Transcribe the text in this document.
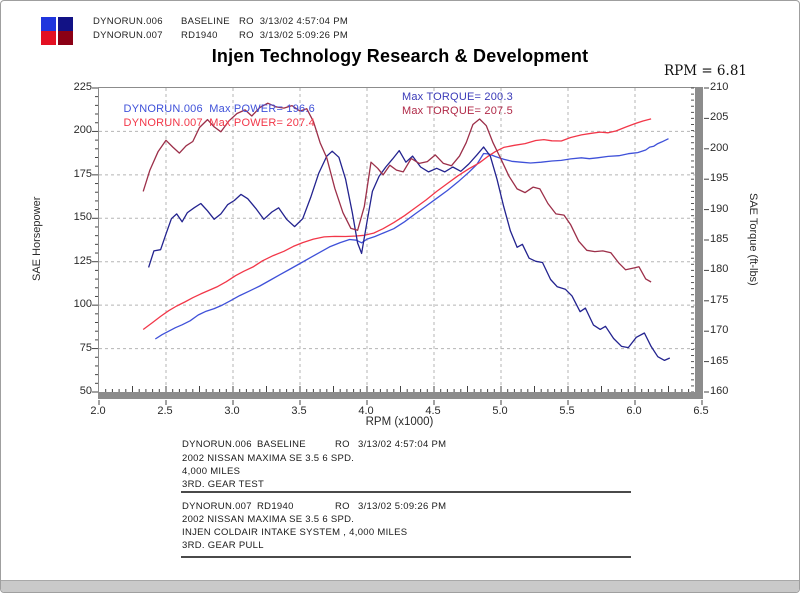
DYNORUN.006 BASELINE RO  3/13/02 4:57:04 PM
DYNORUN.007 RD1940 RO  3/13/02 5:09:26 PM
Injen Technology Research & Development
RPM = 6.81

DYNORUN.006 Max POWER= 196.6

Max TORQUE= 200.3

DYNORUN.007 Max POWER= 207.4

Max TORQUE= 207.5

RPM (x1000)
SAE Horsepower	SAE Torque (ft-lbs)
DYNORUN.006 BASELINE	RO 3/13/02 4:57:04 PM
2002 NISSAN MAXIMA SE 3.5 6 SPD.
4,000 MILES
3RD. GEAR TEST
DYNORUN.007 RD1940	RO 3/13/02 5:09:26 PM
2002 NISSAN MAXIMA SE 3.5 6 SPD.
INJEN COLDAIR INTAKE SYSTEM , 4,000 MILES
3RD. GEAR PULL
2.0	2.5	3.0	3.5	4.0	4.5	5.0	5.5	6.0	6.5
225
200
175
150
125
100
75
50
210
205
200
195
190
185
180
175
170
165
160
